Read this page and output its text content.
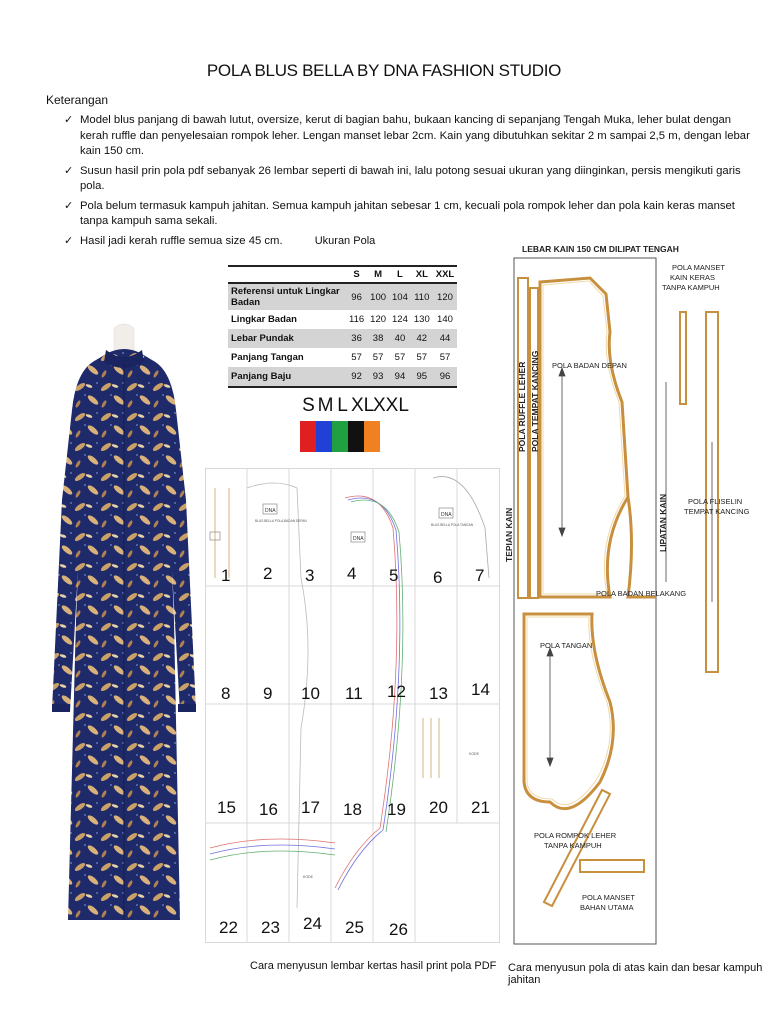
POLA BLUS BELLA BY DNA FASHION STUDIO
Keterangan
✓ Model blus panjang di bawah lutut, oversize, kerut di bagian bahu, bukaan kancing di sepanjang Tengah Muka, leher bulat dengan kerah ruffle dan penyelesaian rompok leher. Lengan manset lebar 2cm. Kain yang dibutuhkan sekitar 2 m sampai 2,5 m, dengan lebar kain 150 cm.
✓ Susun hasil prin pola pdf sebanyak 26 lembar seperti di bawah ini, lalu potong sesuai ukuran yang diinginkan, persis mengikuti garis pola.
✓ Pola belum termasuk kampuh jahitan. Semua kampuh jahitan sebesar 1 cm, kecuali pola rompok leher dan pola kain keras manset tanpa kampuh sama sekali.
✓ Hasil jadi kerah ruffle semua size 45 cm.	Ukuran Pola
	S	M	L	XL	XXL
Referensi untuk Lingkar Badan	96	100	104	110	120
Lingkar Badan	116	120	124	130	140
Lebar Pundak	36	38	40	42	44
Panjang Tangan	57	57	57	57	57
Panjang Baju	92	93	94	95	96
S M L XLXXL
DNA
DNA
DNA
BLUS BELLA POLA BADAN DEPAN
BLUS BELLA POLA TANGAN
KODE
KODE
1 2 3 4 5 6 7
8 9 10 11 12 13 14
15 16 17 18 19 20 21
22 23 24 25 26
Cara menyusun lembar kertas hasil print pola PDF
LEBAR KAIN 150 CM DILIPAT TENGAH
POLA MANSET
KAIN KERAS
TANPA KAMPUH
POLA RUFFLE LEHER POLA TEMPAT KANCING POLA BADAN DEPAN
TEPIAN KAIN	LIPATAN KAIN	POLA FLISELIN
TEMPAT KANCING
POLA BADAN BELAKANG
POLA TANGAN
POLA ROMPOK LEHER
TANPA KAMPUH
POLA MANSET
BAHAN UTAMA
Cara menyusun pola di atas kain dan besar kampuh jahitan
